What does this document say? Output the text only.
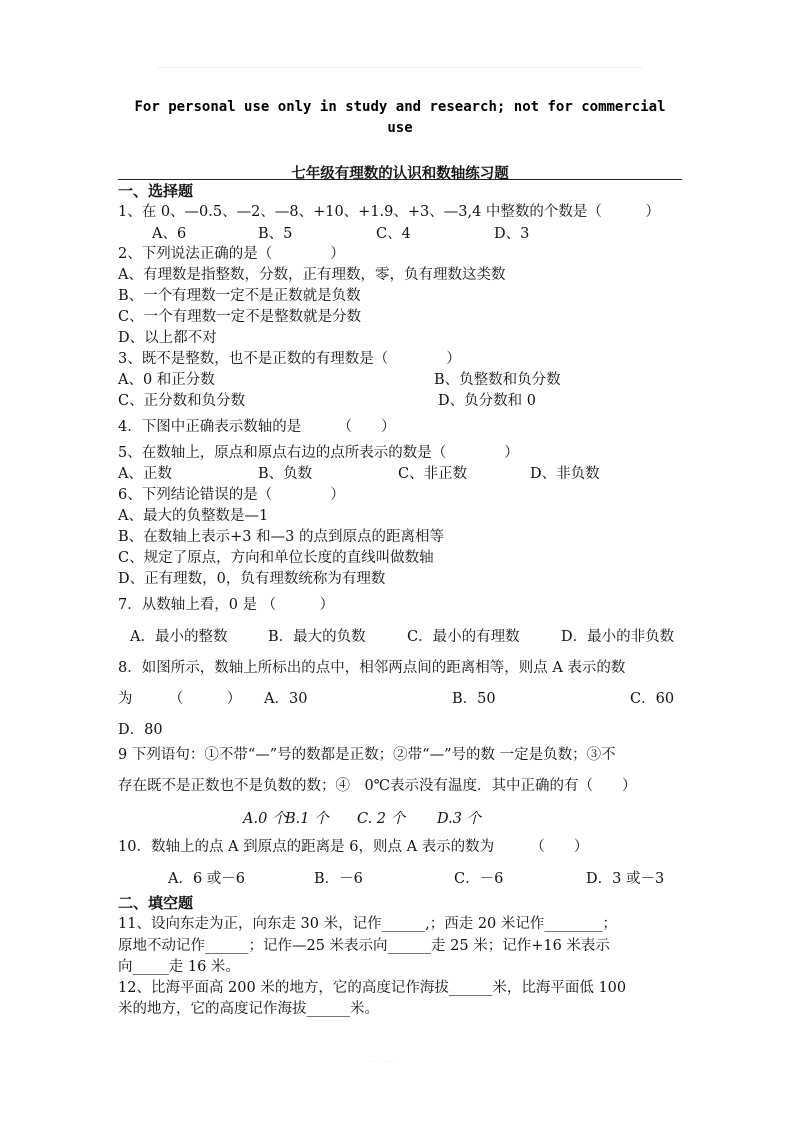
For personal use only in study and research; not for commercial
use
七年级有理数的认识和数轴练习题
一、选择题
1、在 0、—0.5、—2、—8、+10、+1.9、+3、—3,4 中整数的个数是（　　　）
A、6	B、5	C、4	D、3
2、下列说法正确的是（　　　　）
A、有理数是指整数，分数，正有理数，零，负有理数这类数
B、一个有理数一定不是正数就是负数
C、一个有理数一定不是整数就是分数
D、以上都不对
3、既不是整数，也不是正数的有理数是（　　　　）
A、0 和正分数	B、负整数和负分数
C、正分数和负分数	D、负分数和 0
4．下图中正确表示数轴的是　　　（　　）
5、在数轴上，原点和原点右边的点所表示的数是（　　　　）
A、正数	B、负数	C、非正数	D、非负数
6、下列结论错误的是（　　　　）
A、最大的负整数是—1
B、在数轴上表示+3 和—3 的点到原点的距离相等
C、规定了原点，方向和单位长度的直线叫做数轴
D、正有理数，0，负有理数统称为有理数
7．从数轴上看，0 是 （　　　）
A．最小的整数	B．最大的负数	C．最小的有理数	D．最小的非负数
8．如图所示，数轴上所标出的点中，相邻两点间的距离相等，则点 A 表示的数
为　　　（　　　） A．30	B．50	C．60
D．80
9 下列语句：①不带“—”号的数都是正数；②带“—”号的数 一定是负数；③不
存在既不是正数也不是负数的数；④　0℃表示没有温度．其中正确的有（　　）
A.0 个
B.1 个 C. 2 个 D.3 个
10．数轴上的点 A 到原点的距离是 6，则点 A 表示的数为　　　（　　）
A．6 或－6	B．－6	C．－6	D．3 或－3
二、填空题
11、设向东走为正，向东走 30 米，记作______,；西走 20 米记作________；
原地不动记作______；记作—25 米表示向______走 25 米；记作+16 米表示
向_____走 16 米。
12、比海平面高 200 米的地方，它的高度记作海拔______米，比海平面低 100
米的地方，它的高度记作海拔______米。
··· ··· ···
